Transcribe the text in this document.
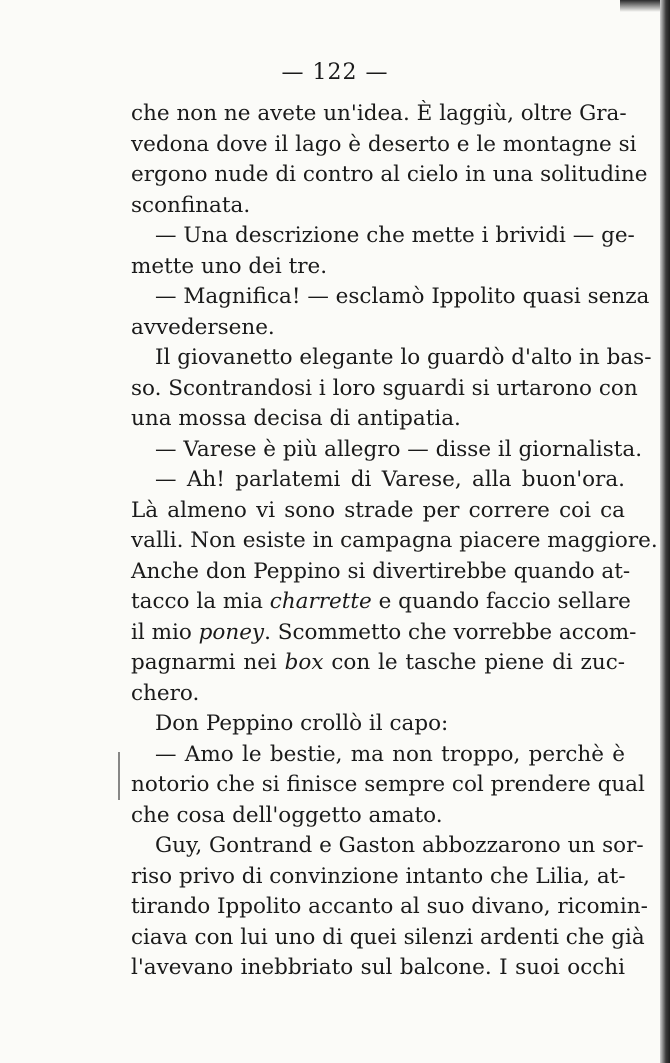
— 122 —
che non ne avete un'idea. È laggiù, oltre Gra-
vedona dove il lago è deserto e le montagne si
ergono nude di contro al cielo in una solitudine
sconfinata.
— Una descrizione che mette i brividi — ge-
mette uno dei tre.
— Magnifica! — esclamò Ippolito quasi senza
avvedersene.
Il giovanetto elegante lo guardò d'alto in bas-
so. Scontrandosi i loro sguardi si urtarono con
una mossa decisa di antipatia.
— Varese è più allegro — disse il giornalista.
— Ah! parlatemi di Varese, alla buon'ora.
Là almeno vi sono strade per correre coi ca
valli. Non esiste in campagna piacere maggiore.
Anche don Peppino si divertirebbe quando at-
tacco la mia charrette e quando faccio sellare
il mio poney. Scommetto che vorrebbe accom-
pagnarmi nei box con le tasche piene di zuc-
chero.
Don Peppino crollò il capo:
— Amo le bestie, ma non troppo, perchè è
notorio che si finisce sempre col prendere qual
che cosa dell'oggetto amato.
Guy, Gontrand e Gaston abbozzarono un sor-
riso privo di convinzione intanto che Lilia, at-
tirando Ippolito accanto al suo divano, ricomin-
ciava con lui uno di quei silenzi ardenti che già
l'avevano inebbriato sul balcone. I suoi occhi
